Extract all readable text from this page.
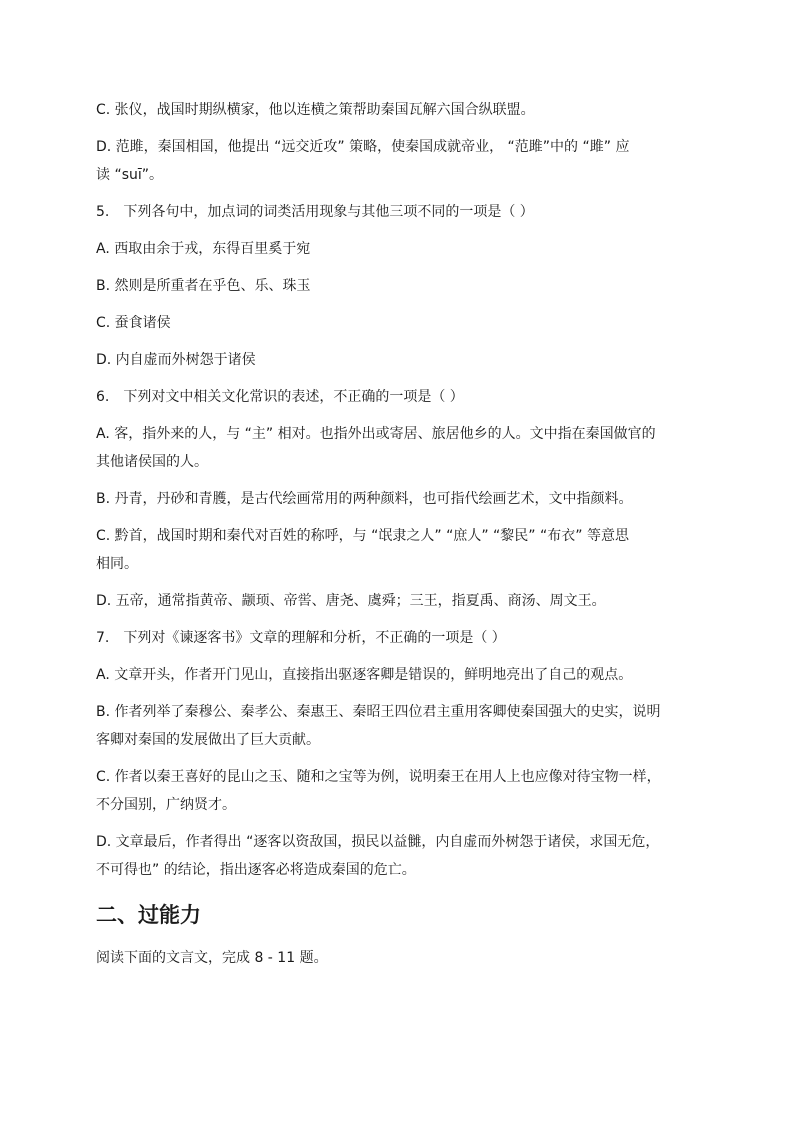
C. 张仪，战国时期纵横家，他以连横之策帮助秦国瓦解六国合纵联盟。

D. 范雎，秦国相国，他提出 “远交近攻” 策略，使秦国成就帝业， “范雎”中的 “雎” 应

读 “suī”。

5.　下列各句中，加点词的词类活用现象与其他三项不同的一项是（ ）

A. 西取由余于戎，东得百里奚于宛

B. 然则是所重者在乎色、乐、珠玉

C. 蚕食诸侯

D. 内自虚而外树怨于诸侯

6.　下列对文中相关文化常识的表述，不正确的一项是（ ）

A. 客，指外来的人，与 “主” 相对。也指外出或寄居、旅居他乡的人。文中指在秦国做官的

其他诸侯国的人。

B. 丹青，丹砂和青臒，是古代绘画常用的两种颜料，也可指代绘画艺术，文中指颜料。

C. 黔首，战国时期和秦代对百姓的称呼，与 “氓隶之人” “庶人” “黎民” “布衣” 等意思

相同。

D. 五帝，通常指黄帝、颛顼、帝喾、唐尧、虞舜；三王，指夏禹、商汤、周文王。

7.　下列对《谏逐客书》文章的理解和分析，不正确的一项是（ ）

A. 文章开头，作者开门见山，直接指出驱逐客卿是错误的，鲜明地亮出了自己的观点。

B. 作者列举了秦穆公、秦孝公、秦惠王、秦昭王四位君主重用客卿使秦国强大的史实，说明

客卿对秦国的发展做出了巨大贡献。

C. 作者以秦王喜好的昆山之玉、随和之宝等为例，说明秦王在用人上也应像对待宝物一样，

不分国别，广纳贤才。

D. 文章最后，作者得出 “逐客以资敌国，损民以益雠，内自虚而外树怨于诸侯，求国无危，

不可得也” 的结论，指出逐客必将造成秦国的危亡。

二、过能力

阅读下面的文言文，完成 8 - 11 题。
